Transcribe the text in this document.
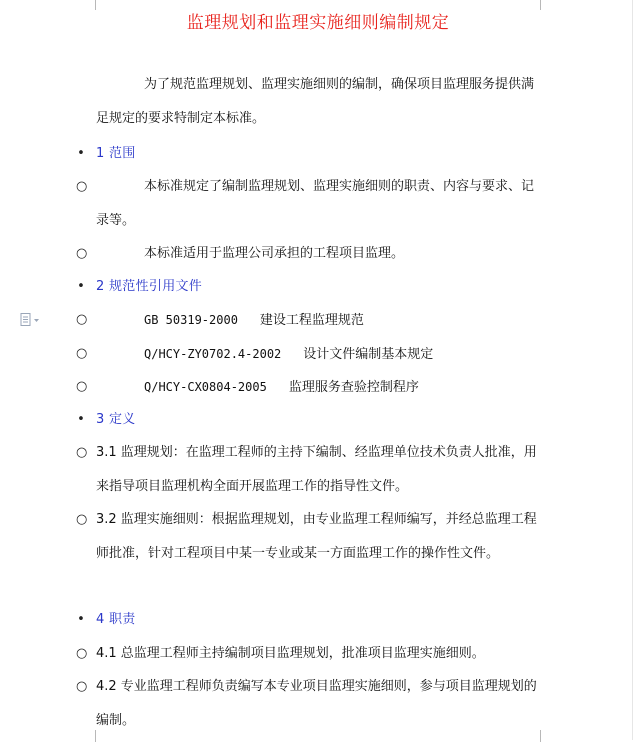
监理规划和监理实施细则编制规定
为了规范监理规划、监理实施细则的编制，确保项目监理服务提供满足规定的要求特制定本标准。
• 1 范围
○	本标准规定了编制监理规划、监理实施细则的职责、内容与要求、记录等。
○	本标准适用于监理公司承担的工程项目监理。
• 2 规范性引用文件
○	GB 50319-2000 建设工程监理规范
○	Q/HCY-ZY0702.4-2002 设计文件编制基本规定
○	Q/HCY-CX0804-2005 监理服务查验控制程序
• 3 定义
○ 3.1 监理规划：在监理工程师的主持下编制、经监理单位技术负责人批准，用来指导项目监理机构全面开展监理工作的指导性文件。
○ 3.2 监理实施细则：根据监理规划，由专业监理工程师编写，并经总监理工程师批准，针对工程项目中某一专业或某一方面监理工作的操作性文件。
• 4 职责
○ 4.1 总监理工程师主持编制项目监理规划，批准项目监理实施细则。
○ 4.2 专业监理工程师负责编写本专业项目监理实施细则，参与项目监理规划的编制。
